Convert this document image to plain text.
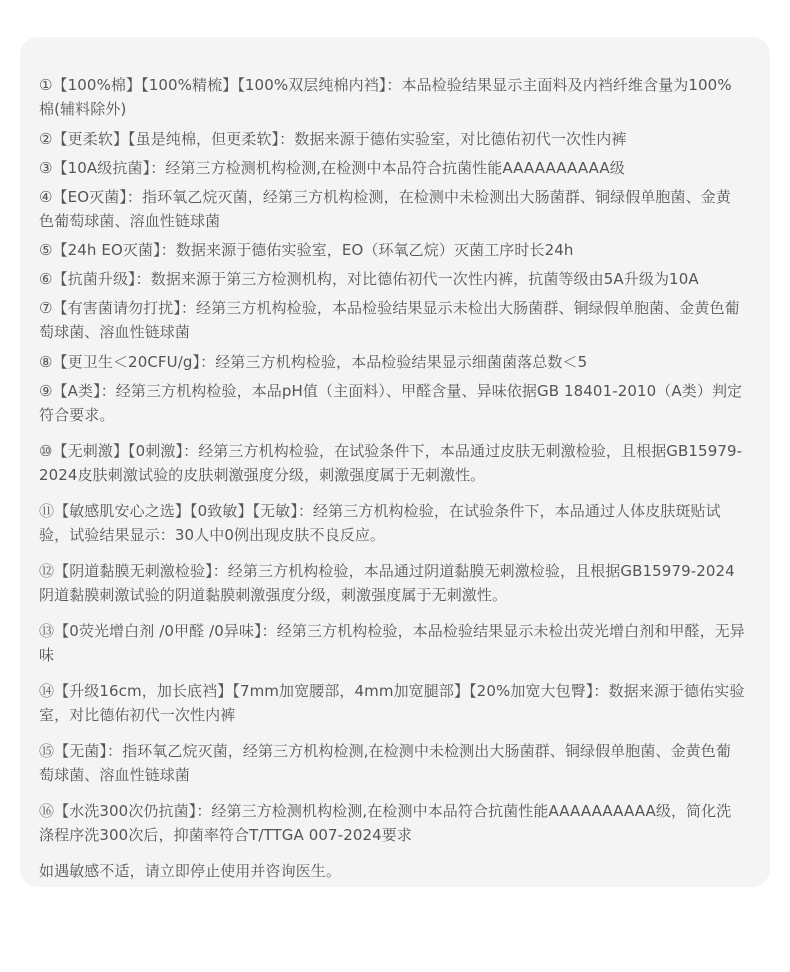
①【100%棉】【100%精梳】【100%双层纯棉内裆】：本品检验结果显示主面料及内裆纤维含量为100%棉(辅料除外)

②【更柔软】【虽是纯棉，但更柔软】：数据来源于德佑实验室，对比德佑初代一次性内裤

③【10A级抗菌】：经第三方检测机构检测,在检测中本品符合抗菌性能AAAAAAAAAA级

④【EO灭菌】：指环氧乙烷灭菌，经第三方机构检测，在检测中未检测出大肠菌群、铜绿假单胞菌、金黄色葡萄球菌、溶血性链球菌

⑤【24h EO灭菌】：数据来源于德佑实验室，EO（环氧乙烷）灭菌工序时长24h

⑥【抗菌升级】：数据来源于第三方检测机构，对比德佑初代一次性内裤，抗菌等级由5A升级为10A

⑦【有害菌请勿打扰】：经第三方机构检验，本品检验结果显示未检出大肠菌群、铜绿假单胞菌、金黄色葡萄球菌、溶血性链球菌

⑧【更卫生＜20CFU/g】：经第三方机构检验，本品检验结果显示细菌菌落总数＜5

⑨【A类】：经第三方机构检验，本品pH值（主面料）、甲醛含量、异味依据GB 18401-2010（A类）判定符合要求。

⑩【无刺激】【0刺激】：经第三方机构检验，在试验条件下，本品通过皮肤无刺激检验，且根据GB15979-2024皮肤刺激试验的皮肤刺激强度分级，刺激强度属于无刺激性。

⑪【敏感肌安心之选】【0致敏】【无敏】：经第三方机构检验，在试验条件下，本品通过人体皮肤斑贴试验，试验结果显示：30人中0例出现皮肤不良反应。

⑫【阴道黏膜无刺激检验】：经第三方机构检验，本品通过阴道黏膜无刺激检验，且根据GB15979-2024阴道黏膜刺激试验的阴道黏膜刺激强度分级，刺激强度属于无刺激性。

⑬【0荧光增白剂 /0甲醛 /0异味】：经第三方机构检验，本品检验结果显示未检出荧光增白剂和甲醛，无异味

⑭【升级16cm，加长底裆】【7mm加宽腰部，4mm加宽腿部】【20%加宽大包臀】：数据来源于德佑实验室，对比德佑初代一次性内裤

⑮【无菌】：指环氧乙烷灭菌，经第三方机构检测,在检测中未检测出大肠菌群、铜绿假单胞菌、金黄色葡萄球菌、溶血性链球菌

⑯【水洗300次仍抗菌】：经第三方检测机构检测,在检测中本品符合抗菌性能AAAAAAAAAA级，简化洗涤程序洗300次后，抑菌率符合T/TTGA 007-2024要求

如遇敏感不适，请立即停止使用并咨询医生。
